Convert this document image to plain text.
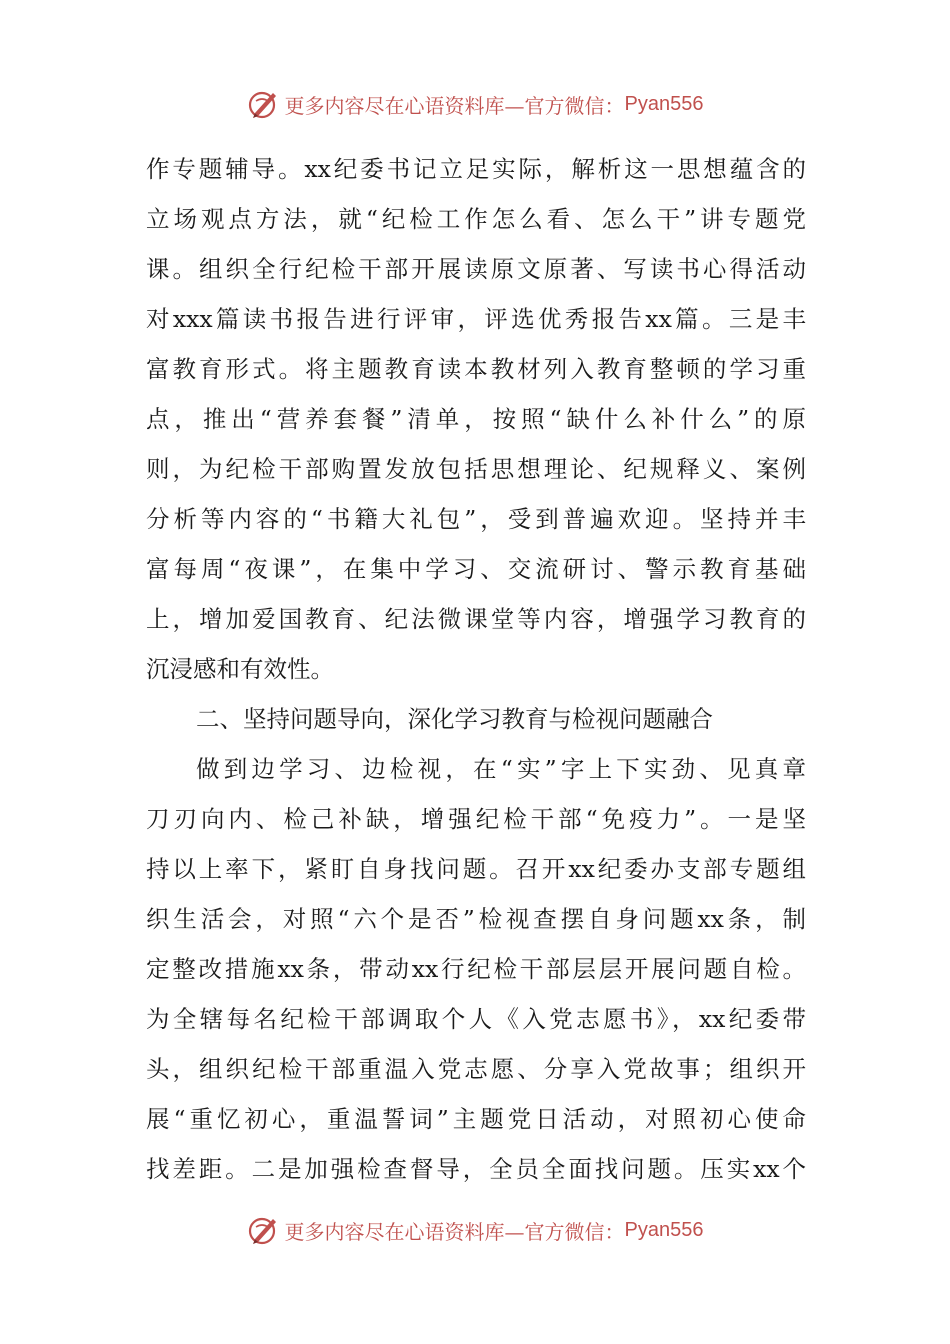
更多内容尽在心语资料库—官方微信： Pyan556
作专题辅导。xx纪委书记立足实际，解析这一思想蕴含的
立场观点方法，就“纪检工作怎么看、怎么干”讲专题党
课。组织全行纪检干部开展读原文原著、写读书心得活动
对xxx篇读书报告进行评审，评选优秀报告xx篇。三是丰
富教育形式。将主题教育读本教材列入教育整顿的学习重
点，推出“营养套餐”清单，按照“缺什么补什么”的原
则，为纪检干部购置发放包括思想理论、纪规释义、案例
分析等内容的“书籍大礼包”，受到普遍欢迎。坚持并丰
富每周“夜课”，在集中学习、交流研讨、警示教育基础
上，增加爱国教育、纪法微课堂等内容，增强学习教育的
沉浸感和有效性。
二、坚持问题导向，深化学习教育与检视问题融合
做到边学习、边检视，在“实”字上下实劲、见真章
刀刃向内、检己补缺，增强纪检干部“免疫力”。一是坚
持以上率下，紧盯自身找问题。召开xx纪委办支部专题组
织生活会，对照“六个是否”检视查摆自身问题xx条，制
定整改措施xx条，带动xx行纪检干部层层开展问题自检。
为全辖每名纪检干部调取个人《入党志愿书》，xx纪委带
头，组织纪检干部重温入党志愿、分享入党故事；组织开
展“重忆初心，重温誓词”主题党日活动，对照初心使命
找差距。二是加强检查督导，全员全面找问题。压实xx个
更多内容尽在心语资料库—官方微信： Pyan556
